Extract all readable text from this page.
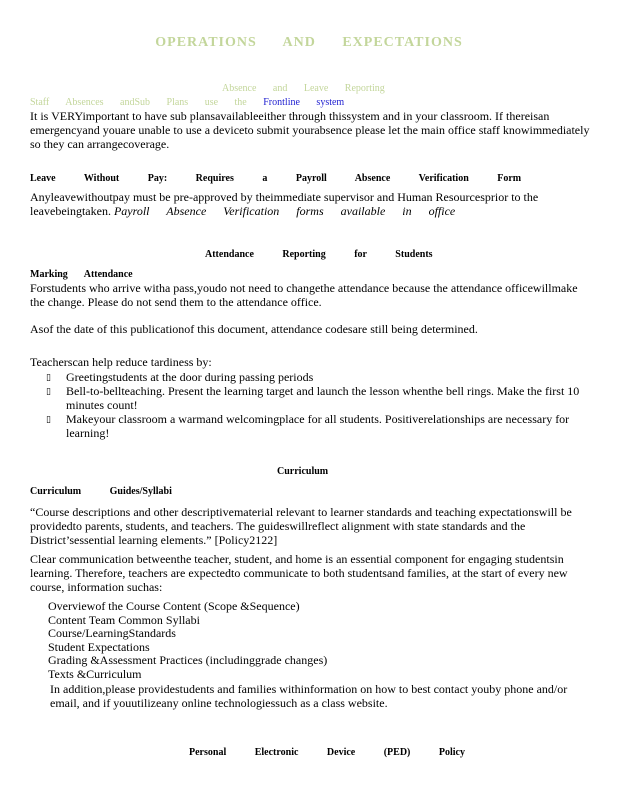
OPERATIONS AND EXPECTATIONS
Absence and Leave Reporting
Staff Absences andSub Plans use the Frontline system
It is VERYimportant to have sub plansavailableeither through thissystem and in your classroom. If thereisan emergencyand youare unable to use a deviceto submit yourabsence please let the main office staff knowimmediately so they can arrangecoverage.
Leave Without Pay: Requires a Payroll Absence Verification Form
Anyleavewithoutpay must be pre-approved by theimmediate supervisor and Human Resourcesprior to the leavebeingtaken. Payroll Absence Verification forms available in office
Attendance Reporting for Students
Marking Attendance
Forstudents who arrive witha pass,youdo not need to changethe attendance because the attendance officewillmake the change. Please do not send them to the attendance office.
Asof the date of this publicationof this document, attendance codesare still being determined.
Teacherscan help reduce tardiness by:
▯ Greetingstudents at the door during passing periods
▯ Bell-to-bellteaching. Present the learning target and launch the lesson whenthe bell rings. Make the first 10 minutes count!
▯ Makeyour classroom a warmand welcomingplace for all students. Positiverelationships are necessary for learning!
Curriculum
Curriculum Guides/Syllabi
“Course descriptions and other descriptivematerial relevant to learner standards and teaching expectationswill be providedto parents, students, and teachers. The guideswillreflect alignment with state standards and the District’sessential learning elements.” [Policy2122]
Clear communication betweenthe teacher, student, and home is an essential component for engaging studentsin learning. Therefore, teachers are expectedto communicate to both studentsand families, at the start of every new course, information suchas:
Overviewof the Course Content (Scope &Sequence)
Content Team Common Syllabi
Course/LearningStandards
Student Expectations
Grading &Assessment Practices (includinggrade changes)
Texts &Curriculum
In addition,please providestudents and families withinformation on how to best contact youby phone and/or email, and if youutilizeany online technologiessuch as a class website.
Personal Electronic Device (PED) Policy
